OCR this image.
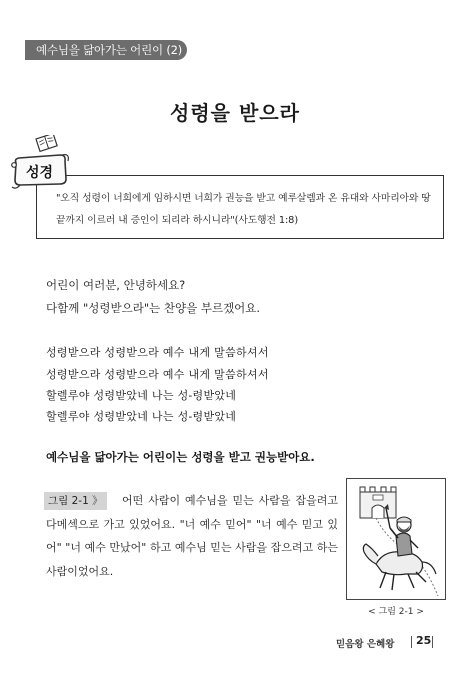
예수님을 닮아가는 어린이 (2)
성령을 받으라
"오직 성령이 너희에게 임하시면 너희가 권능을 받고 예루살렘과 온 유대와 사마리아와 땅 끝까지 이르러 내 증인이 되리라 하시니라"(사도행전 1:8)
성경
어린이 여러분, 안녕하세요?
다함께 "성령받으라"는 찬양을 부르겠어요.
성령받으라 성령받으라 예수 내게 말씀하셔서
성령받으라 성령받으라 예수 내게 말씀하셔서
할렐루야 성령받았네 나는 성-령받았네
할렐루야 성령받았네 나는 성-령받았네
예수님을 닮아가는 어린이는 성령을 받고 권능받아요.
어떤 사람이 예수님을 믿는 사람을 잡을려고 다메섹으로 가고 있었어요. "너 예수 믿어" "너 예수 믿고 있어" "너 예수 만났어" 하고 예수님 믿는 사람을 잡으려고 하는 사람이었어요.
그림 2-1 》
< 그림 2-1 >
믿음왕 은혜왕 25
